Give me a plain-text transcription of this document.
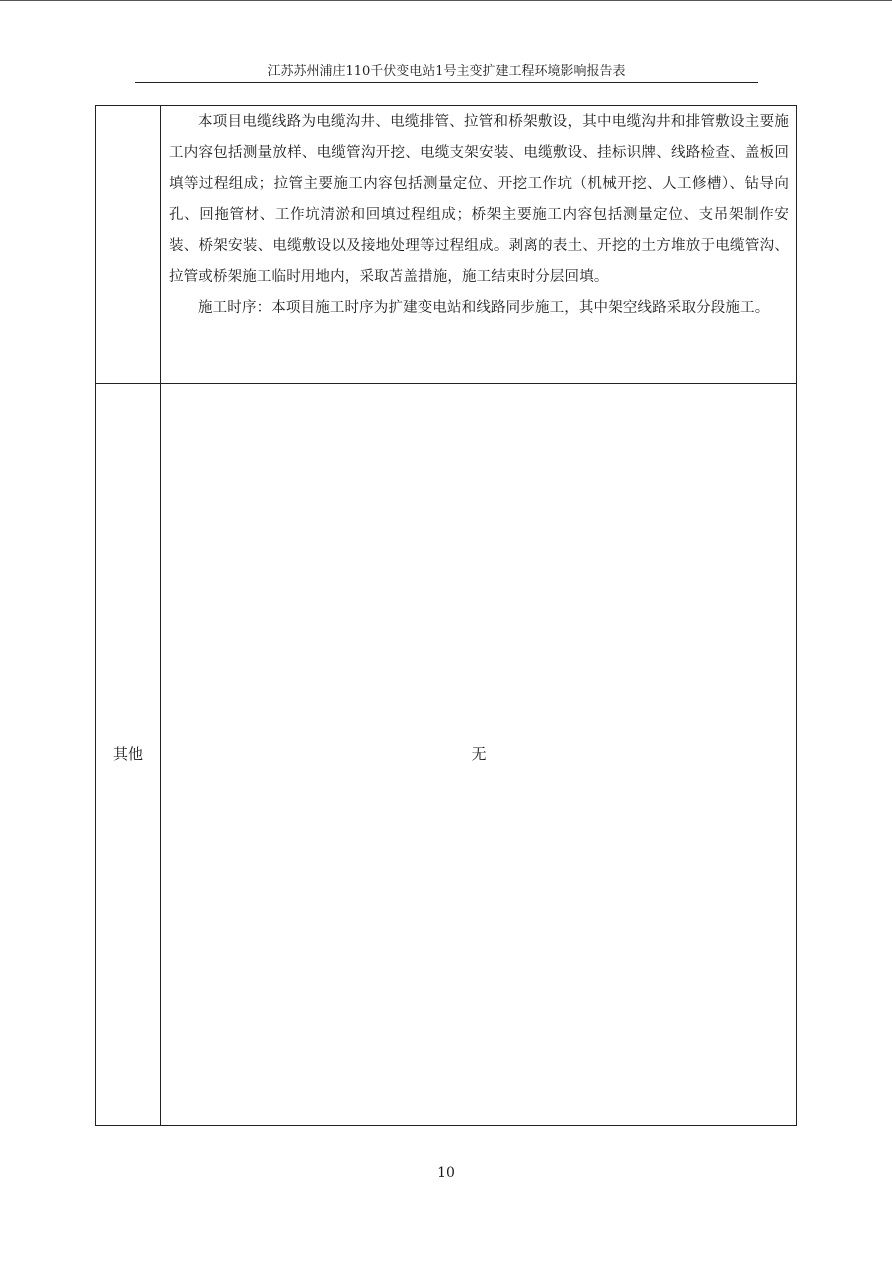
江苏苏州浦庄110千伏变电站1号主变扩建工程环境影响报告表

本项目电缆线路为电缆沟井、电缆排管、拉管和桥架敷设，其中电缆沟井和排管敷设主要施工内容包括测量放样、电缆管沟开挖、电缆支架安装、电缆敷设、挂标识牌、线路检查、盖板回填等过程组成；拉管主要施工内容包括测量定位、开挖工作坑（机械开挖、人工修槽）、钻导向孔、回拖管材、工作坑清淤和回填过程组成；桥架主要施工内容包括测量定位、支吊架制作安装、桥架安装、电缆敷设以及接地处理等过程组成。剥离的表土、开挖的土方堆放于电缆管沟、拉管或桥架施工临时用地内，采取苫盖措施，施工结束时分层回填。

施工时序：本项目施工时序为扩建变电站和线路同步施工，其中架空线路采取分段施工。

其他	无
10
